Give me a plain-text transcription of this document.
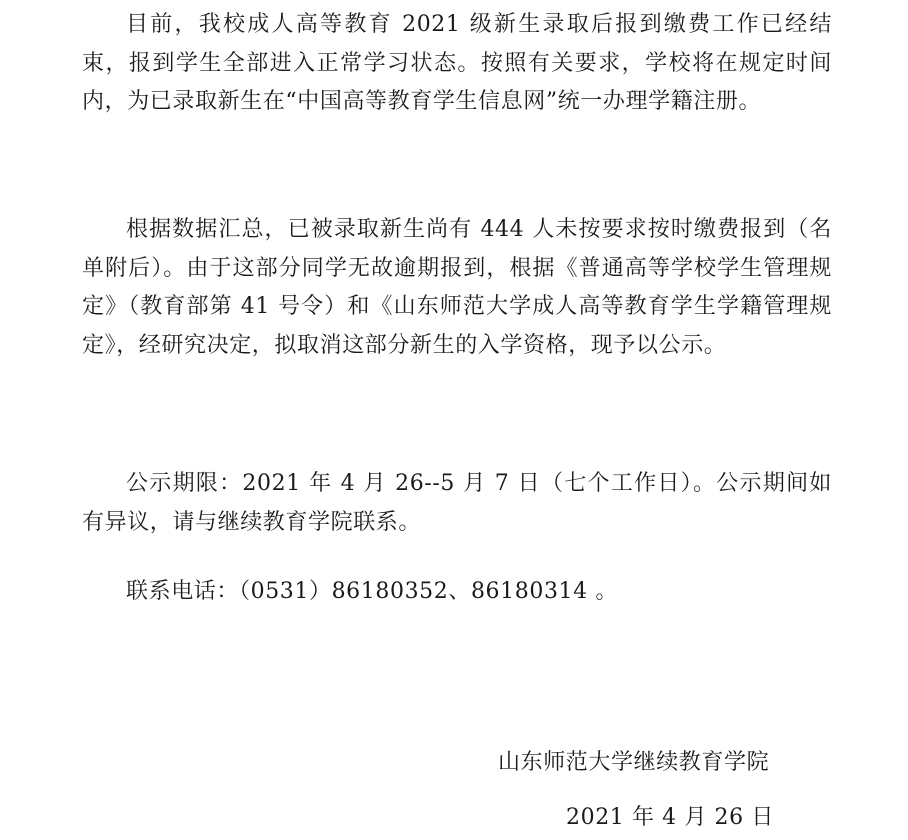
目前，我校成人高等教育 2021 级新生录取后报到缴费工作已经结束，报到学生全部进入正常学习状态。按照有关要求，学校将在规定时间内，为已录取新生在“中国高等教育学生信息网”统一办理学籍注册。

根据数据汇总，已被录取新生尚有 444 人未按要求按时缴费报到（名单附后）。由于这部分同学无故逾期报到，根据《普通高等学校学生管理规定》（教育部第 41 号令）和《山东师范大学成人高等教育学生学籍管理规定》，经研究决定，拟取消这部分新生的入学资格，现予以公示。

公示期限：2021 年 4 月 26--5 月 7 日（七个工作日）。公示期间如有异议，请与继续教育学院联系。

联系电话：（0531）86180352、86180314 。

山东师范大学继续教育学院
2021 年 4 月 26 日
